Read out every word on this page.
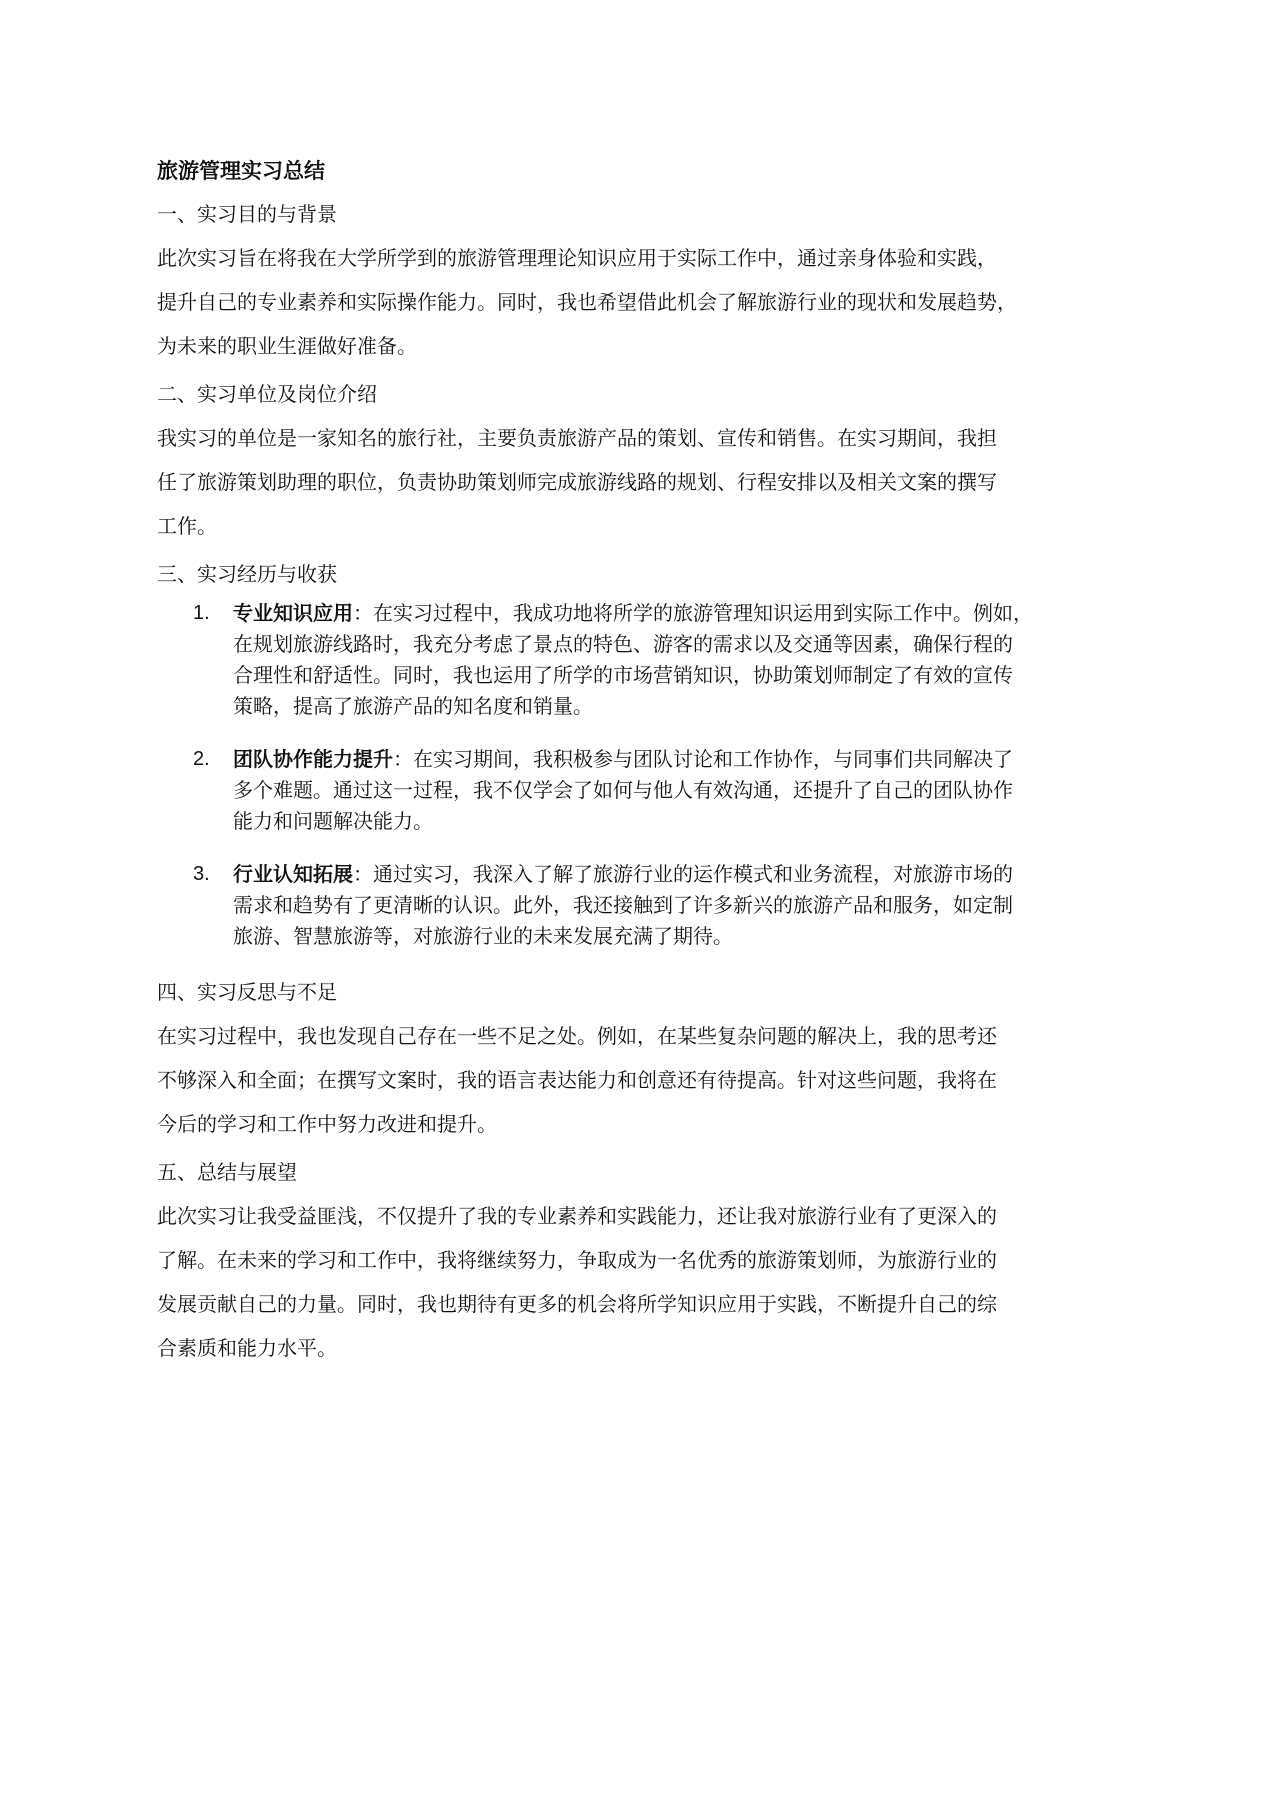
旅游管理实习总结
一、实习目的与背景

此次实习旨在将我在大学所学到的旅游管理理论知识应用于实际工作中，通过亲身体验和实践，
提升自己的专业素养和实际操作能力。同时，我也希望借此机会了解旅游行业的现状和发展趋势，
为未来的职业生涯做好准备。

二、实习单位及岗位介绍

我实习的单位是一家知名的旅行社，主要负责旅游产品的策划、宣传和销售。在实习期间，我担
任了旅游策划助理的职位，负责协助策划师完成旅游线路的规划、行程安排以及相关文案的撰写
工作。

三、实习经历与收获
1. 专业知识应用：在实习过程中，我成功地将所学的旅游管理知识运用到实际工作中。例如，
在规划旅游线路时，我充分考虑了景点的特色、游客的需求以及交通等因素，确保行程的
合理性和舒适性。同时，我也运用了所学的市场营销知识，协助策划师制定了有效的宣传
策略，提高了旅游产品的知名度和销量。
2. 团队协作能力提升：在实习期间，我积极参与团队讨论和工作协作，与同事们共同解决了
多个难题。通过这一过程，我不仅学会了如何与他人有效沟通，还提升了自己的团队协作
能力和问题解决能力。
3. 行业认知拓展：通过实习，我深入了解了旅游行业的运作模式和业务流程，对旅游市场的
需求和趋势有了更清晰的认识。此外，我还接触到了许多新兴的旅游产品和服务，如定制
旅游、智慧旅游等，对旅游行业的未来发展充满了期待。
四、实习反思与不足

在实习过程中，我也发现自己存在一些不足之处。例如，在某些复杂问题的解决上，我的思考还
不够深入和全面；在撰写文案时，我的语言表达能力和创意还有待提高。针对这些问题，我将在
今后的学习和工作中努力改进和提升。

五、总结与展望

此次实习让我受益匪浅，不仅提升了我的专业素养和实践能力，还让我对旅游行业有了更深入的
了解。在未来的学习和工作中，我将继续努力，争取成为一名优秀的旅游策划师，为旅游行业的
发展贡献自己的力量。同时，我也期待有更多的机会将所学知识应用于实践，不断提升自己的综
合素质和能力水平。
